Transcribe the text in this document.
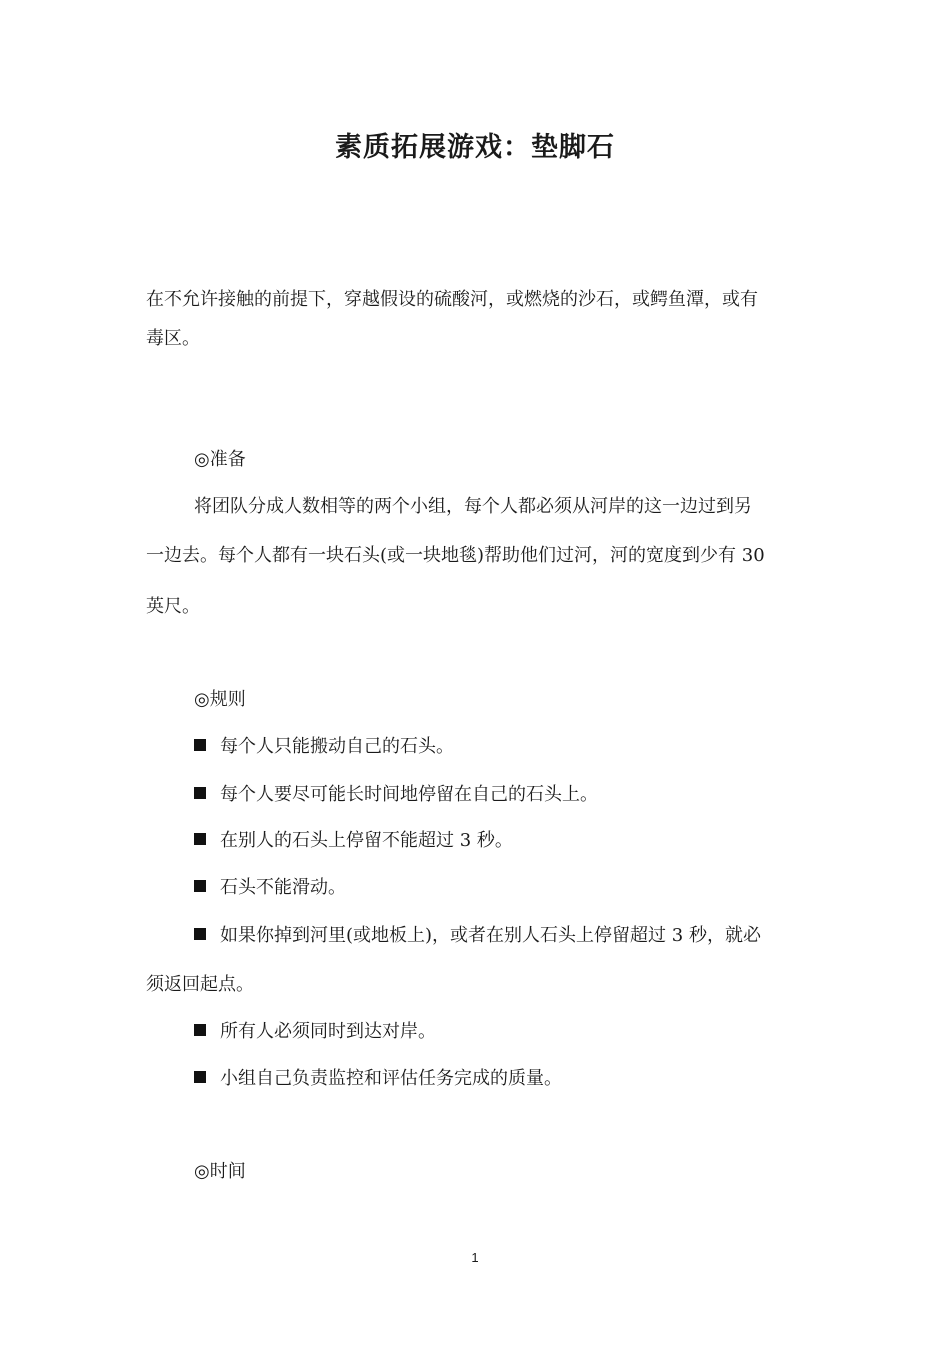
素质拓展游戏：垫脚石
在不允许接触的前提下，穿越假设的硫酸河，或燃烧的沙石，或鳄鱼潭，或有
毒区。
◎准备
将团队分成人数相等的两个小组，每个人都必须从河岸的这一边过到另
一边去。每个人都有一块石头(或一块地毯)帮助他们过河，河的宽度到少有 30
英尺。
◎规则
每个人只能搬动自己的石头。
每个人要尽可能长时间地停留在自己的石头上。
在别人的石头上停留不能超过 3 秒。
石头不能滑动。
如果你掉到河里(或地板上)，或者在别人石头上停留超过 3 秒，就必
须返回起点。
所有人必须同时到达对岸。
小组自己负责监控和评估任务完成的质量。
◎时间
1
